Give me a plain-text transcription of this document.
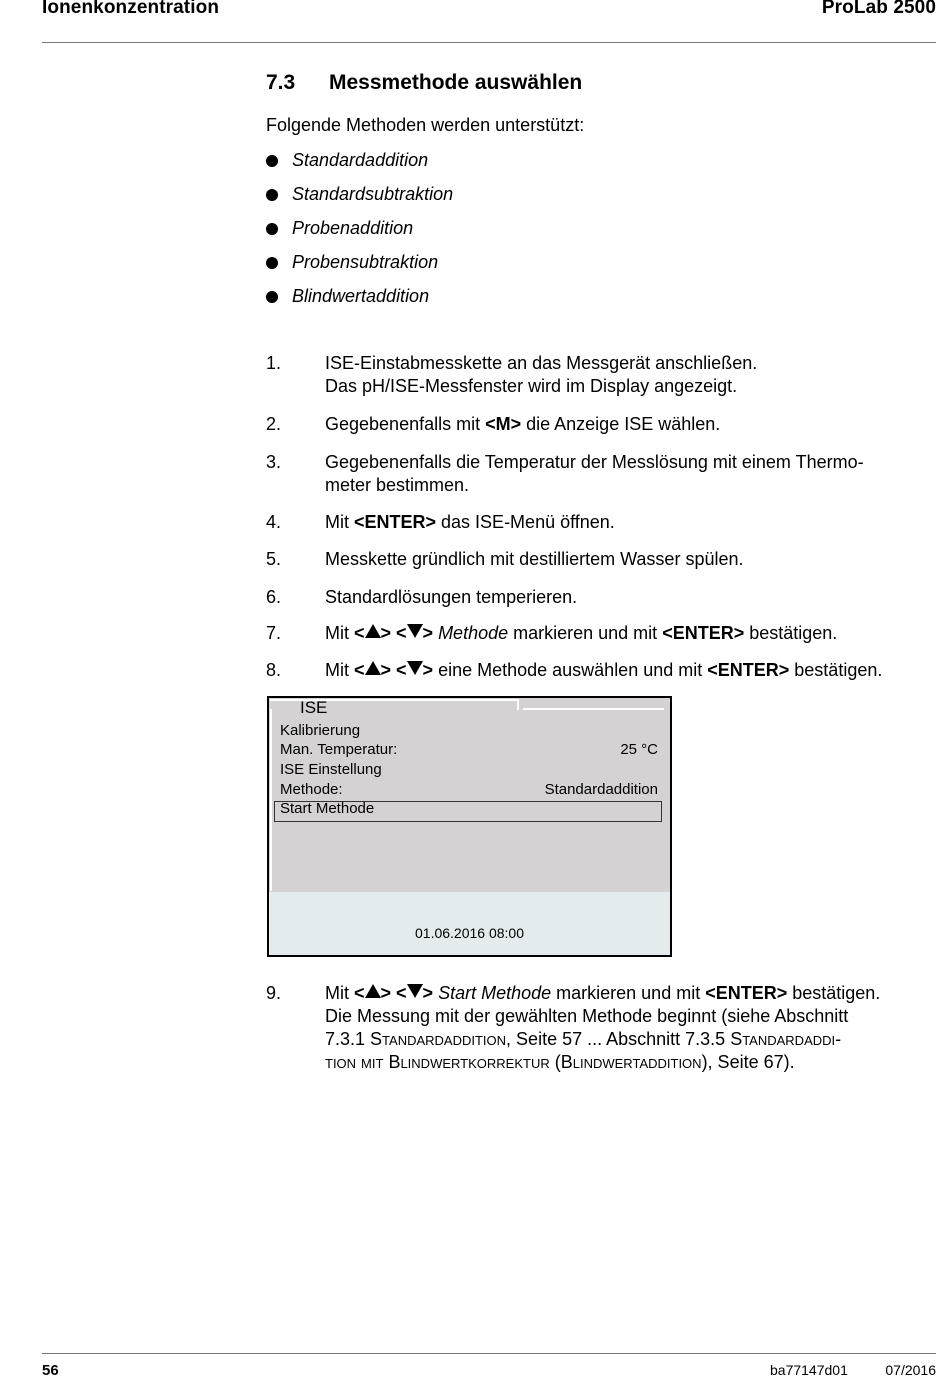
Ionenkonzentration	ProLab 2500
7.3 Messmethode auswählen
Folgende Methoden werden unterstützt:
Standardaddition
Standardsubtraktion
Probenaddition
Probensubtraktion
Blindwertaddition
1. ISE-Einstabmesskette an das Messgerät anschließen.
Das pH/ISE-Messfenster wird im Display angezeigt.
2. Gegebenenfalls mit <M> die Anzeige ISE wählen.
3. Gegebenenfalls die Temperatur der Messlösung mit einem Thermo-
meter bestimmen.
4. Mit <ENTER> das ISE-Menü öffnen.
5. Messkette gründlich mit destilliertem Wasser spülen.
6. Standardlösungen temperieren.
7. Mit < > < > Methode markieren und mit <ENTER> bestätigen.
8. Mit < > < > eine Methode auswählen und mit <ENTER> bestätigen.
ISE
Kalibrierung
Man. Temperatur:	25 °C
ISE Einstellung
Methode:	Standardaddition
Start Methode
01.06.2016 08:00
9. Mit < > < > Start Methode markieren und mit <ENTER> bestätigen.
Die Messung mit der gewählten Methode beginnt (siehe Abschnitt
7.3.1 Standardaddition, Seite 57 ... Abschnitt 7.3.5 Standardaddi-
tion mit Blindwertkorrektur (Blindwertaddition), Seite 67).
56	ba77147d01	07/2016
